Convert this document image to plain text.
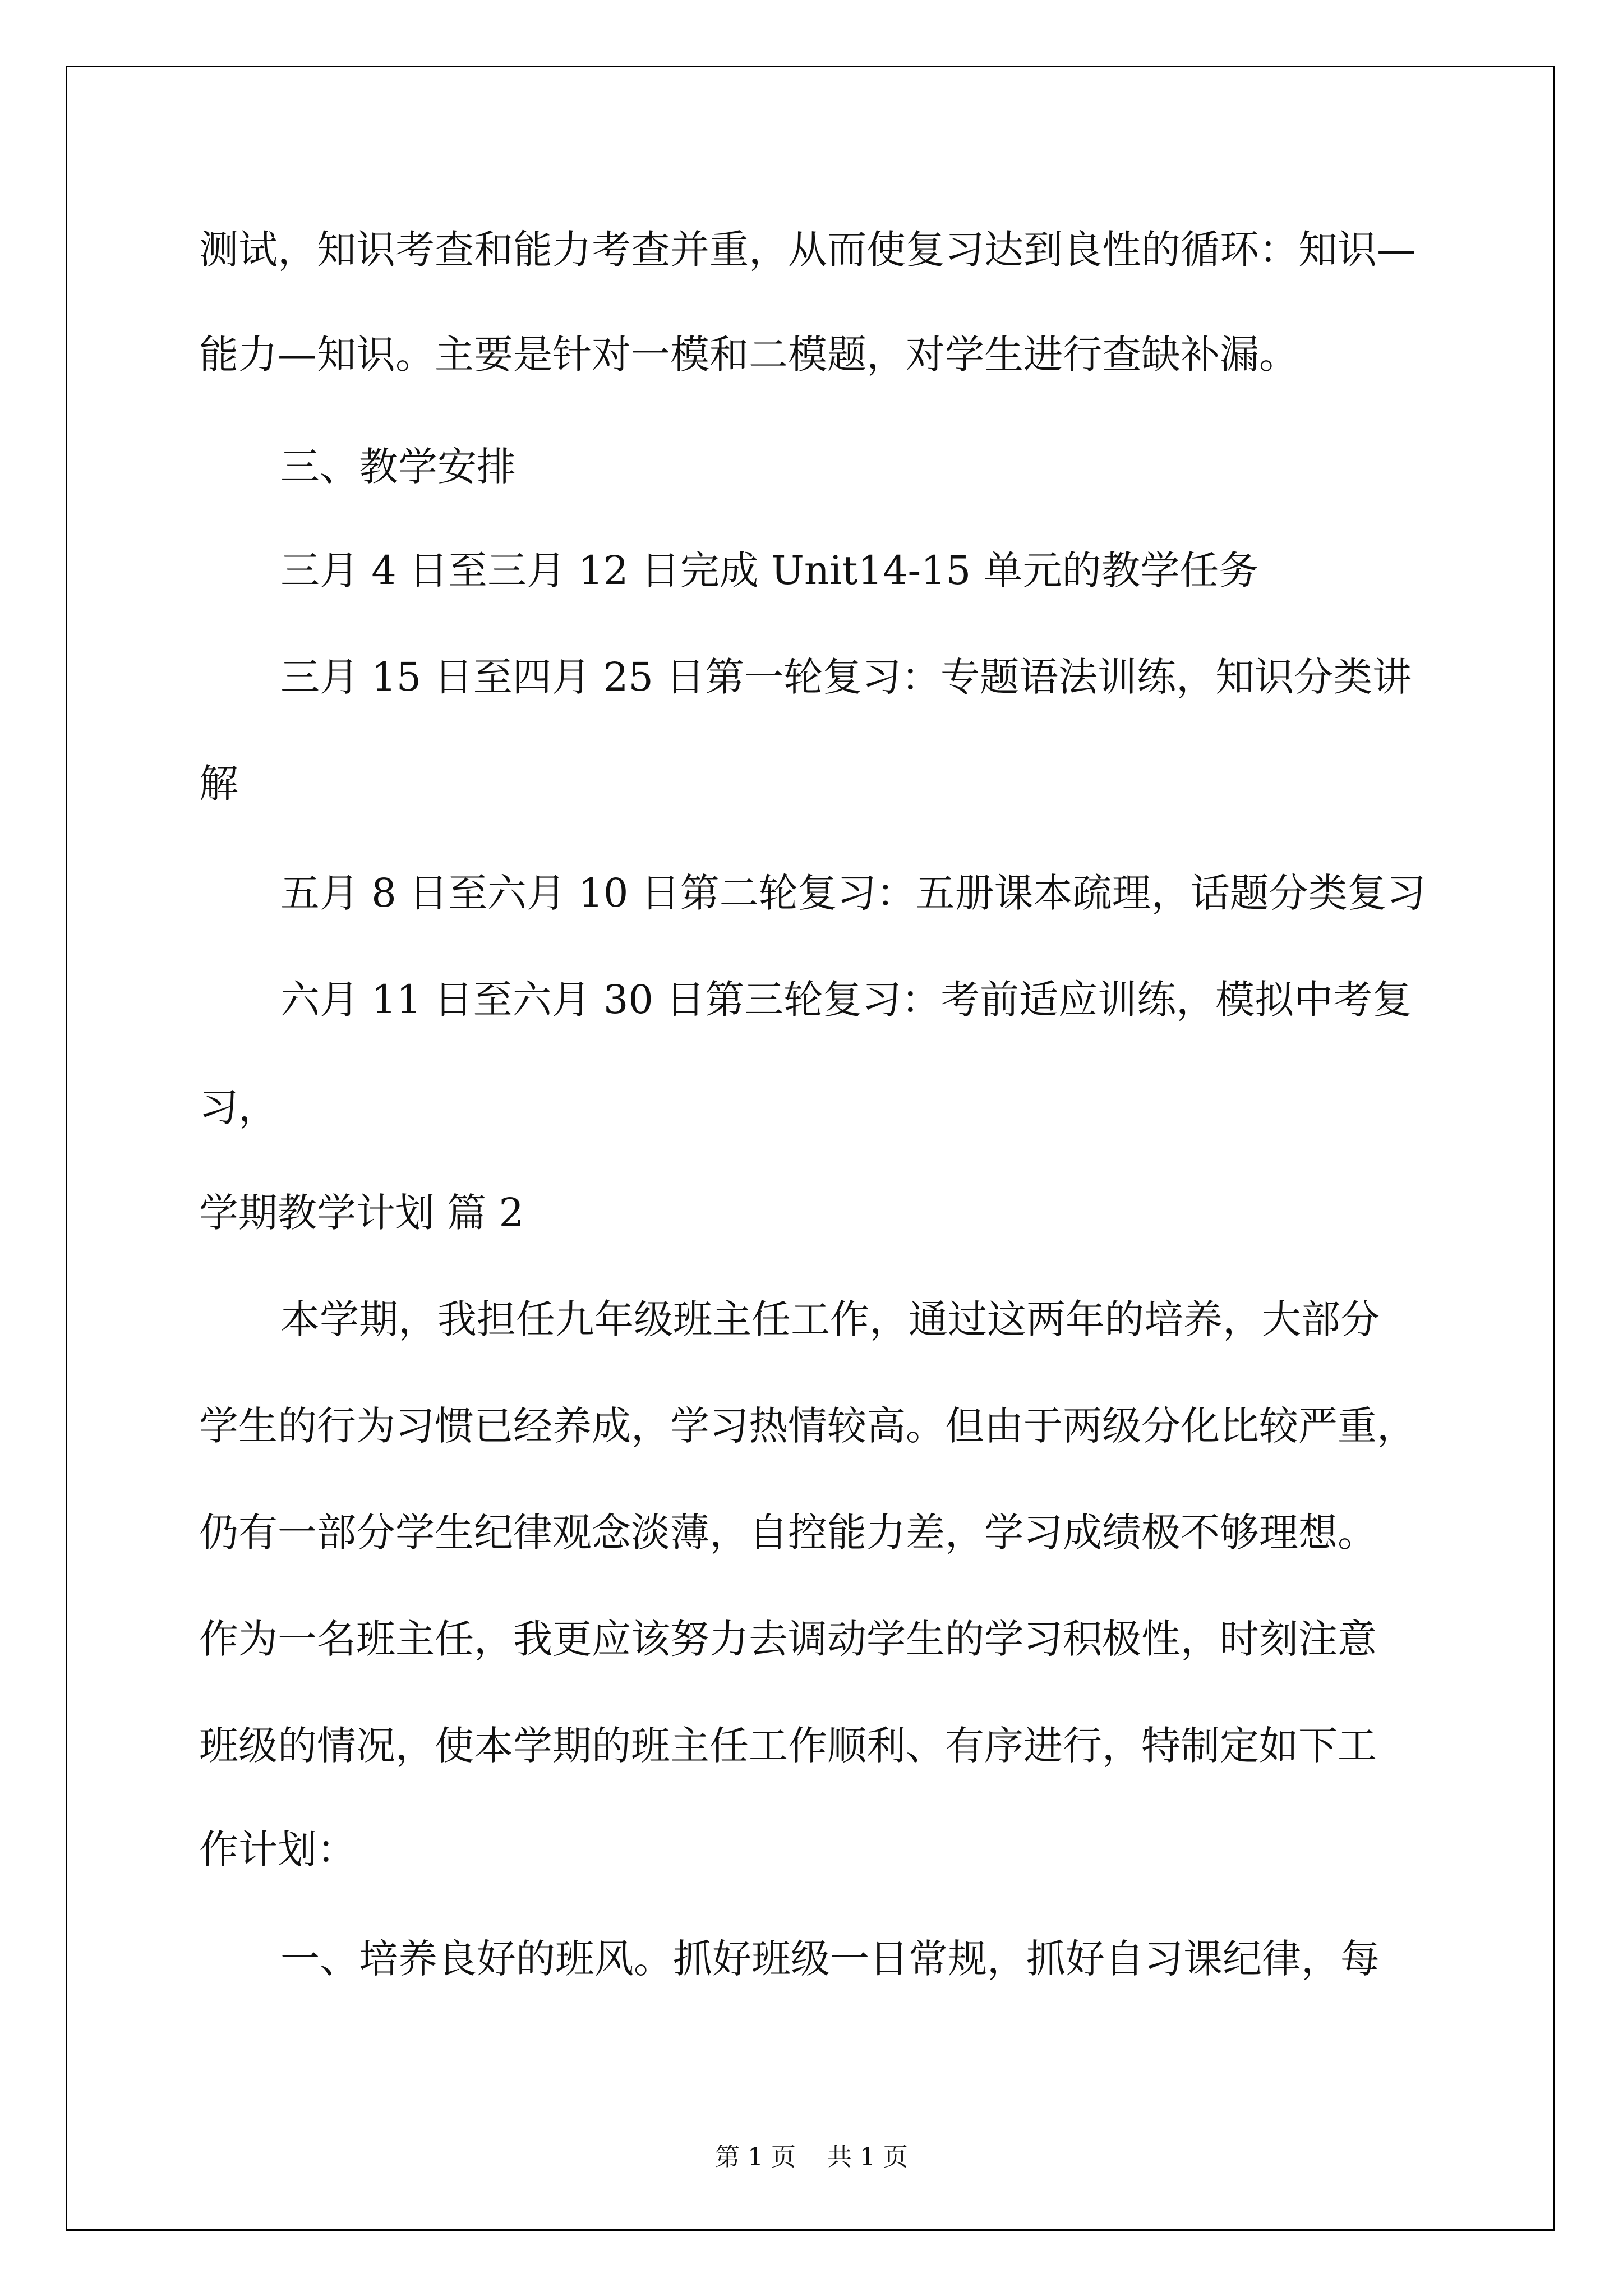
测试，知识考查和能力考查并重，从而使复习达到良性的循环：知识—

能力—知识。主要是针对一模和二模题，对学生进行查缺补漏。

三、教学安排

三月 4 日至三月 12 日完成 Unit14-15 单元的教学任务

三月 15 日至四月 25 日第一轮复习：专题语法训练，知识分类讲

解

五月 8 日至六月 10 日第二轮复习：五册课本疏理，话题分类复习

六月 11 日至六月 30 日第三轮复习：考前适应训练，模拟中考复

习，

学期教学计划 篇 2

本学期，我担任九年级班主任工作，通过这两年的培养，大部分

学生的行为习惯已经养成，学习热情较高。但由于两级分化比较严重，

仍有一部分学生纪律观念淡薄，自控能力差，学习成绩极不够理想。

作为一名班主任，我更应该努力去调动学生的学习积极性，时刻注意

班级的情况，使本学期的班主任工作顺利、有序进行，特制定如下工

作计划：

一、培养良好的班风。抓好班级一日常规，抓好自习课纪律，每

第 1 页    共 1 页
